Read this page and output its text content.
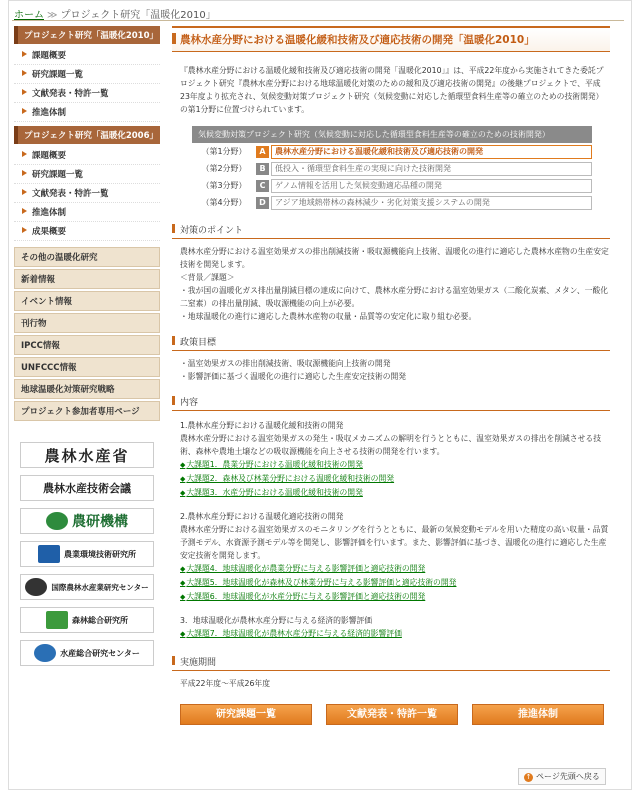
ホーム ≫ プロジェクト研究「温暖化2010」
プロジェクト研究「温暖化2010」
課題概要
研究課題一覧
文献発表・特許一覧
推進体制
プロジェクト研究「温暖化2006」
課題概要
研究課題一覧
文献発表・特許一覧
推進体制
成果概要
その他の温暖化研究
新着情報
イベント情報
刊行物
IPCC情報
UNFCCC情報
地球温暖化対策研究戦略
プロジェクト参加者専用ページ
農林水産省
農林水産技術会議
農研機構
農業環境技術研究所
国際農林水産業研究センター
森林総合研究所
水産総合研究センター
農林水産分野における温暖化緩和技術及び適応技術の開発「温暖化2010」
『農林水産分野における温暖化緩和技術及び適応技術の開発「温暖化2010」』は、平成22年度から実施されてきた委託プロジェクト研究『農林水産分野における地球温暖化対策のための緩和及び適応技術の開発』の後継プロジェクトで、平成23年度より拡充され、気候変動対策プロジェクト研究（気候変動に対応した循環型食料生産等の確立のための技術開発）の第1分野に位置づけられています。
気候変動対策プロジェクト研究（気候変動に対応した循環型食料生産等の確立のための技術開発）
（第1分野）	A	農林水産分野における温暖化緩和技術及び適応技術の開発
（第2分野）	B	低投入・循環型食料生産の実現に向けた技術開発
（第3分野）	C	ゲノム情報を活用した気候変動適応品種の開発
（第4分野）	D	アジア地域熱帯林の森林減少・劣化対策支援システムの開発
対策のポイント
農林水産分野における温室効果ガスの排出削減技術・吸収源機能向上技術、温暖化の進行に適応した農林水産物の生産安定技術を開発します。
＜背景／課題＞
・我が国の温暖化ガス排出量削減目標の達成に向けて、農林水産分野における温室効果ガス（二酸化炭素、メタン、一酸化二窒素）の排出量削減、吸収源機能の向上が必要。
・地球温暖化の進行に適応した農林水産物の収量・品質等の安定化に取り組む必要。
政策目標
・温室効果ガスの排出削減技術、吸収源機能向上技術の開発
・影響評価に基づく温暖化の進行に適応した生産安定技術の開発
内容
1.農林水産分野における温暖化緩和技術の開発
農林水産分野における温室効果ガスの発生・吸収メカニズムの解明を行うとともに、温室効果ガスの排出を削減させる技術、森林や農地土壌などの吸収源機能を向上させる技術の開発を行います。
◆ 大課題1．農業分野における温暖化緩和技術の開発
◆ 大課題2．森林及び林業分野における温暖化緩和技術の開発
◆ 大課題3．水産分野における温暖化緩和技術の開発
2.農林水産分野における温暖化適応技術の開発
農林水産分野における温室効果ガスのモニタリングを行うとともに、最新の気候変動モデルを用いた精度の高い収量・品質予測モデル、水資源予測モデル等を開発し、影響評価を行います。また、影響評価に基づき、温暖化の進行に適応した生産安定技術を開発します。
◆ 大課題4．地球温暖化が農業分野に与える影響評価と適応技術の開発
◆ 大課題5．地球温暖化が森林及び林業分野に与える影響評価と適応技術の開発
◆ 大課題6．地球温暖化が水産分野に与える影響評価と適応技術の開発
3．地球温暖化が農林水産分野に与える経済的影響評価
◆ 大課題7．地球温暖化が農林水産分野に与える経済的影響評価
実施期間
平成22年度〜平成26年度
研究課題一覧	文献発表・特許一覧	推進体制
↑ ページ先頭へ戻る
